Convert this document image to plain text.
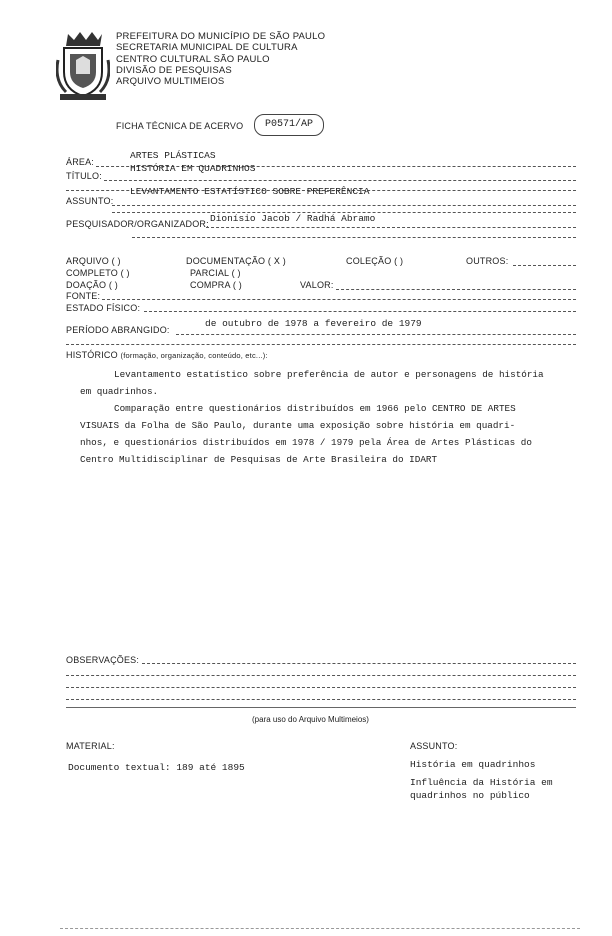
PREFEITURA DO MUNICÍPIO DE SÃO PAULO
SECRETARIA MUNICIPAL DE CULTURA
CENTRO CULTURAL SÃO PAULO
DIVISÃO DE PESQUISAS
ARQUIVO MULTIMEIOS
FICHA TÉCNICA DE ACERVO	P0571/AP
ÁREA:
ARTES PLÁSTICAS
TÍTULO:
HISTÓRIA EM QUADRINHOS
ASSUNTO:
LEVANTAMENTO ESTATÍSTICO SOBRE PREFERÊNCIA
PESQUISADOR/ORGANIZADOR: Dionísio Jacob / Radhá Abramo
ARQUIVO ( )	DOCUMENTAÇÃO ( X )	COLEÇÃO ( )	OUTROS:
COMPLETO ( )	PARCIAL ( )
DOAÇÃO ( )	COMPRA ( )	VALOR:
FONTE:
ESTADO FÍSICO:
PERÍODO ABRANGIDO:
de outubro de 1978 a fevereiro de 1979
HISTÓRICO (formação, organização, conteúdo, etc...):
Levantamento estatístico sobre preferência de autor e personagens de história
em quadrinhos.
Comparação entre questionários distribuídos em 1966 pelo CENTRO DE ARTES
VISUAIS da Folha de São Paulo, durante uma exposição sobre história em quadri-
nhos, e questionários distribuídos em 1978 / 1979 pela Área de Artes Plásticas do
Centro Multidisciplinar de Pesquisas de Arte Brasileira do IDART
OBSERVAÇÕES:
(para uso do Arquivo Multimeios)
MATERIAL:
Documento textual: 189 até 1895
ASSUNTO:
História em quadrinhos
Influência da História em
quadrinhos no público
